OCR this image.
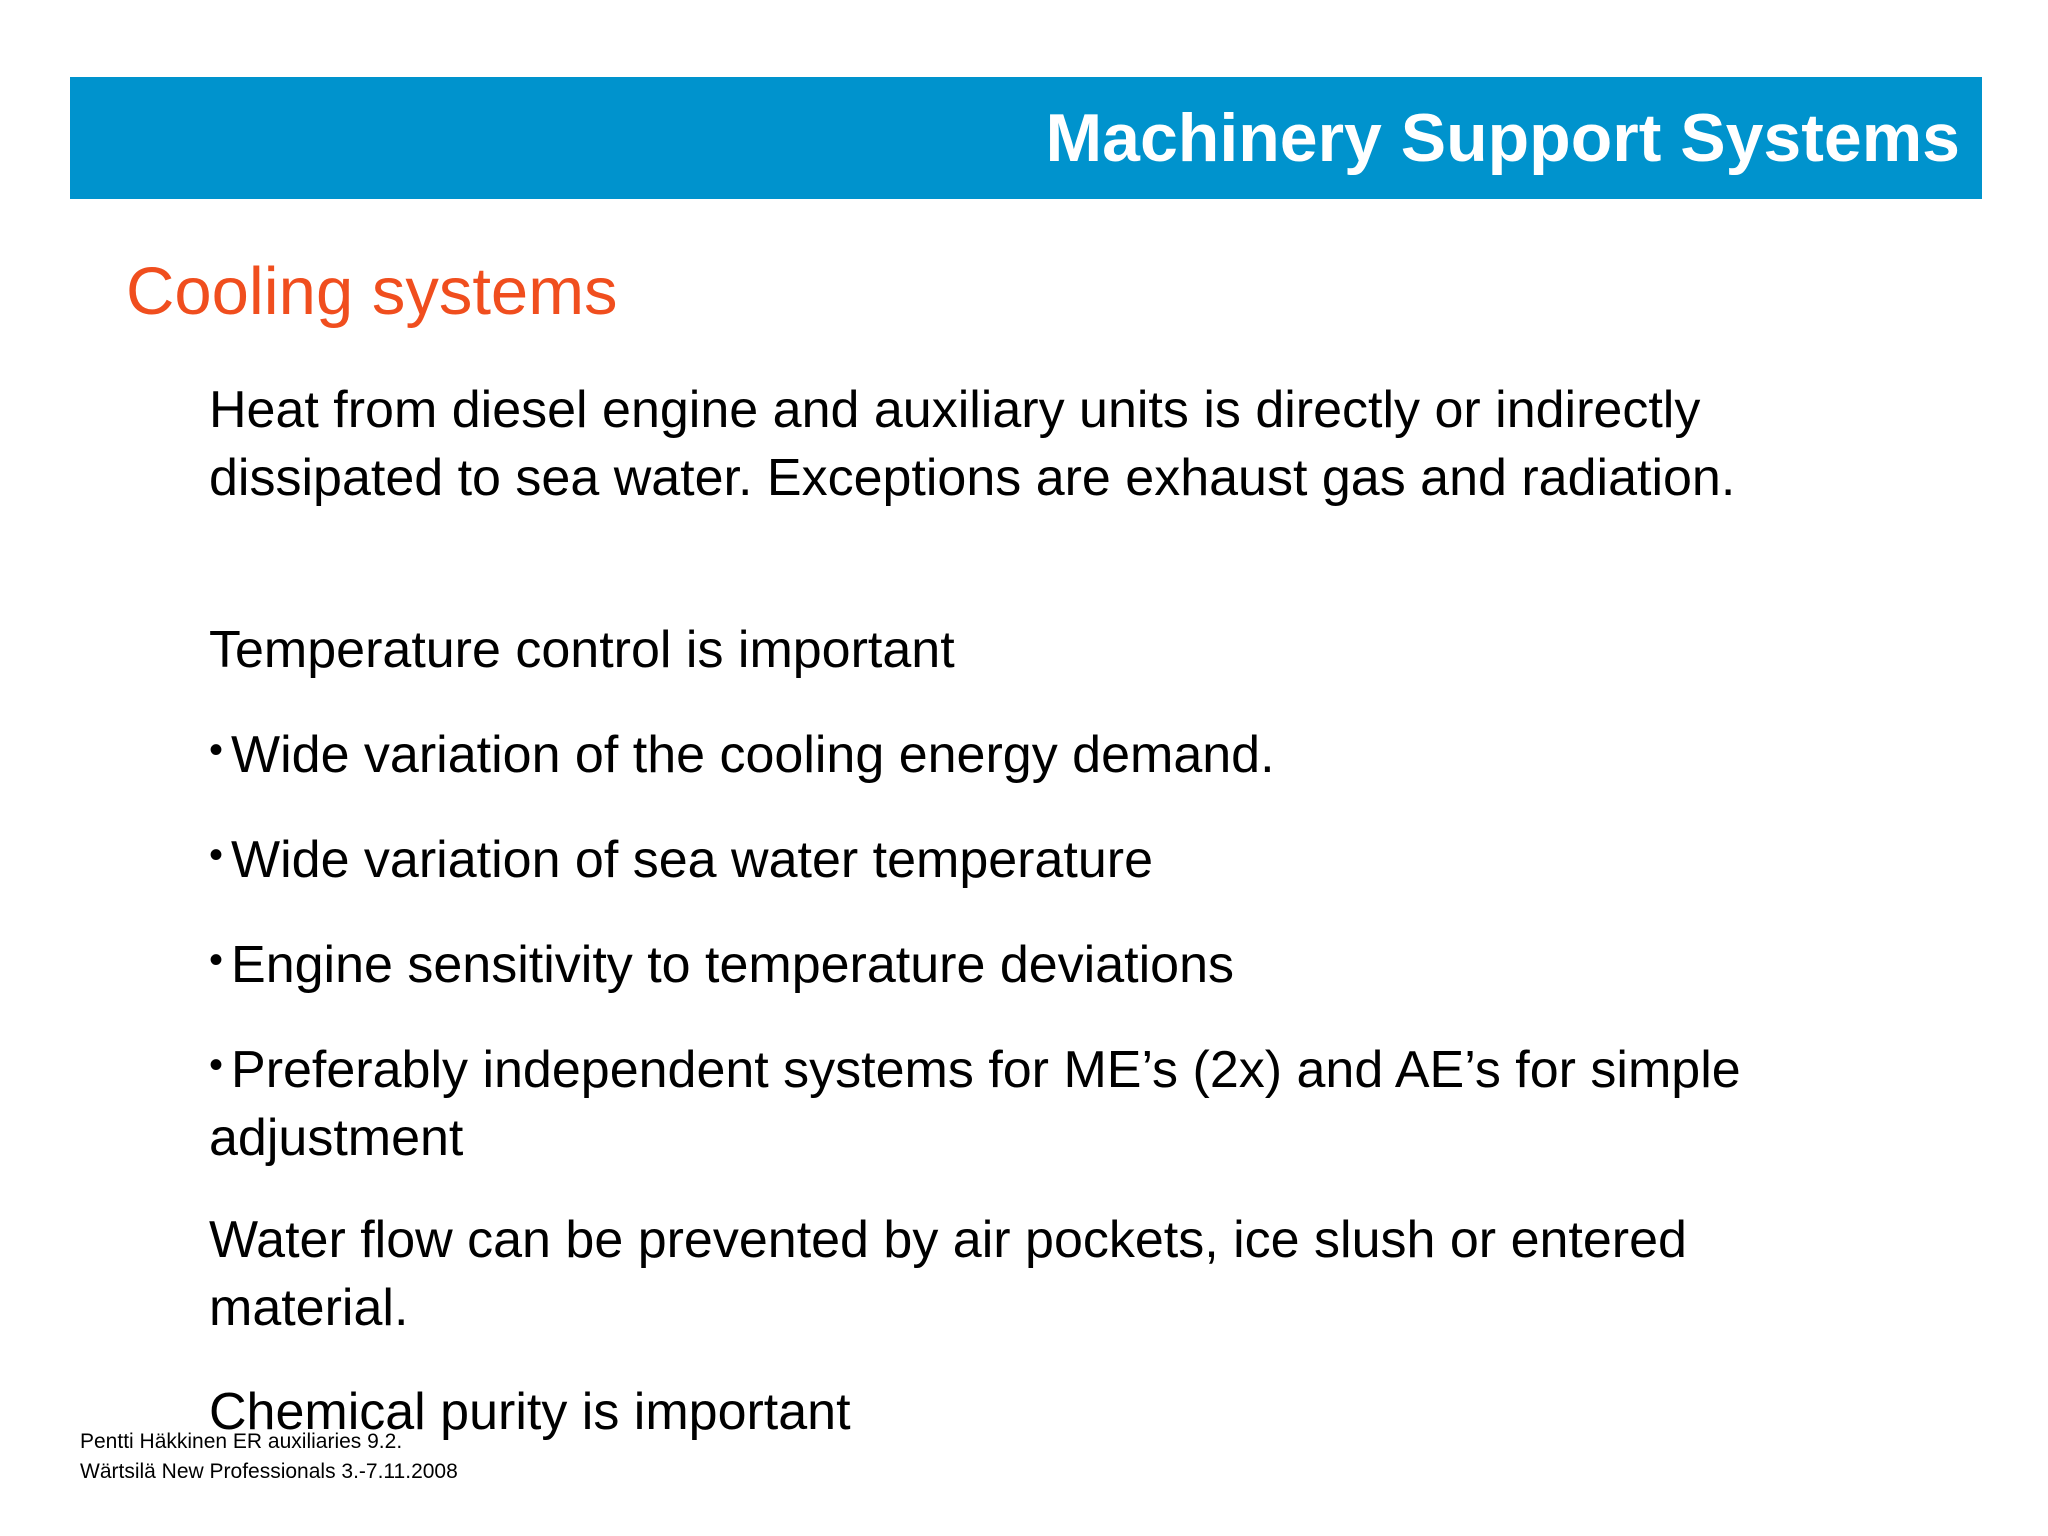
Machinery Support Systems
Cooling systems

Heat from diesel engine and auxiliary units is directly or indirectly dissipated to sea water. Exceptions are exhaust gas and radiation.

Temperature control is important

• Wide variation of the cooling energy demand.

• Wide variation of sea water temperature

• Engine sensitivity to temperature deviations

• Preferably independent systems for ME’s (2x) and AE’s for simple adjustment

Water flow can be prevented by air pockets, ice slush or entered material.

Chemical purity is important

Pentti Häkkinen ER auxiliaries 9.2.
Wärtsilä New Professionals 3.-7.11.2008
